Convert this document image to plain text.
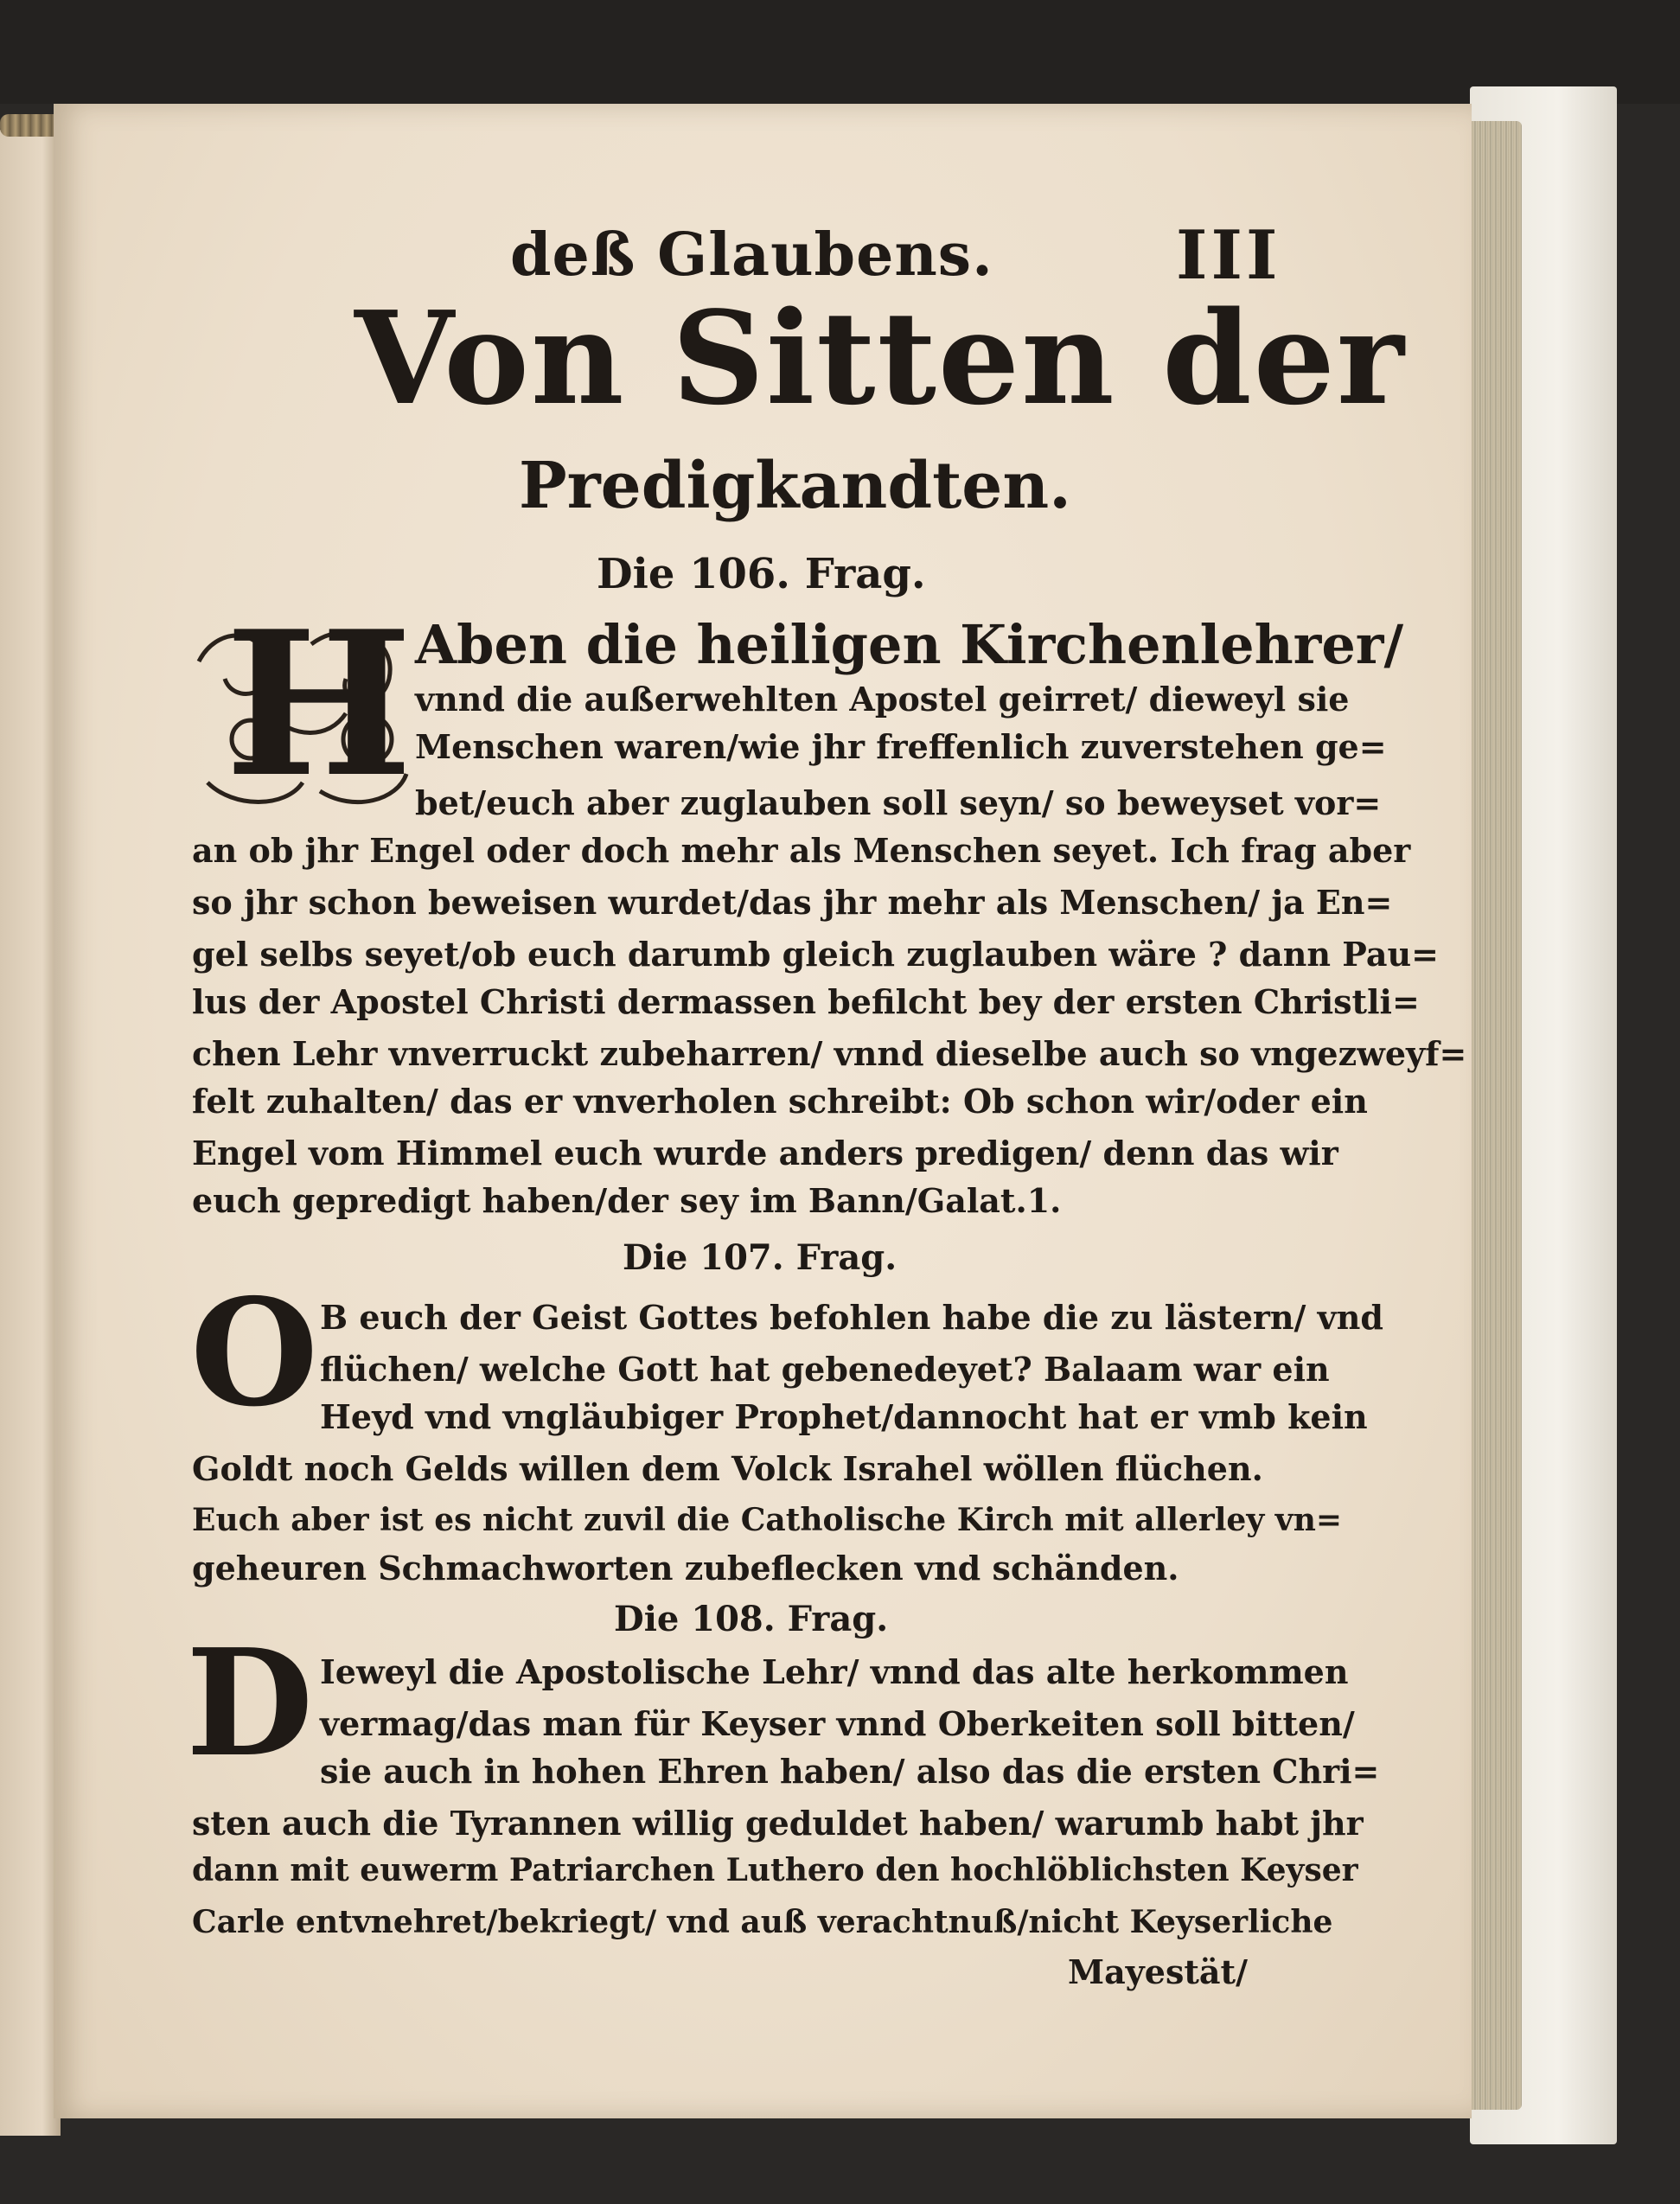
deß Glaubens.	III
Von Sitten der
Predigkandten.
Die 106. Frag.
H Aben die heiligen Kirchenlehrer/
vnnd die außerwehlten Apostel geirret/ dieweyl sie
Menschen waren/wie jhr freffenlich zuverstehen ge=
bet/euch aber zuglauben soll seyn/ so beweyset vor=
an ob jhr Engel oder doch mehr als Menschen seyet. Ich frag aber
so jhr schon beweisen wurdet/das jhr mehr als Menschen/ ja En=
gel selbs seyet/ob euch darumb gleich zuglauben wäre ? dann Pau=
lus der Apostel Christi dermassen befilcht bey der ersten Christli=
chen Lehr vnverruckt zubeharren/ vnnd dieselbe auch so vngezweyf=
felt zuhalten/ das er vnverholen schreibt: Ob schon wir/oder ein
Engel vom Himmel euch wurde anders predigen/ denn das wir
euch gepredigt haben/der sey im Bann/Galat.1.
Die 107. Frag.
O B euch der Geist Gottes befohlen habe die zu lästern/ vnd
flüchen/ welche Gott hat gebenedeyet? Balaam war ein
Heyd vnd vngläubiger Prophet/dannocht hat er vmb kein
Goldt noch Gelds willen dem Volck Israhel wöllen flüchen.
Euch aber ist es nicht zuvil die Catholische Kirch mit allerley vn=
geheuren Schmachworten zubeflecken vnd schänden.
Die 108. Frag.
D Ieweyl die Apostolische Lehr/ vnnd das alte herkommen
vermag/das man für Keyser vnnd Oberkeiten soll bitten/
sie auch in hohen Ehren haben/ also das die ersten Chri=
sten auch die Tyrannen willig geduldet haben/ warumb habt jhr
dann mit euwerm Patriarchen Luthero den hochlöblichsten Keyser
Carle entvnehret/bekriegt/ vnd auß verachtnuß/nicht Keyserliche
Mayestät/
